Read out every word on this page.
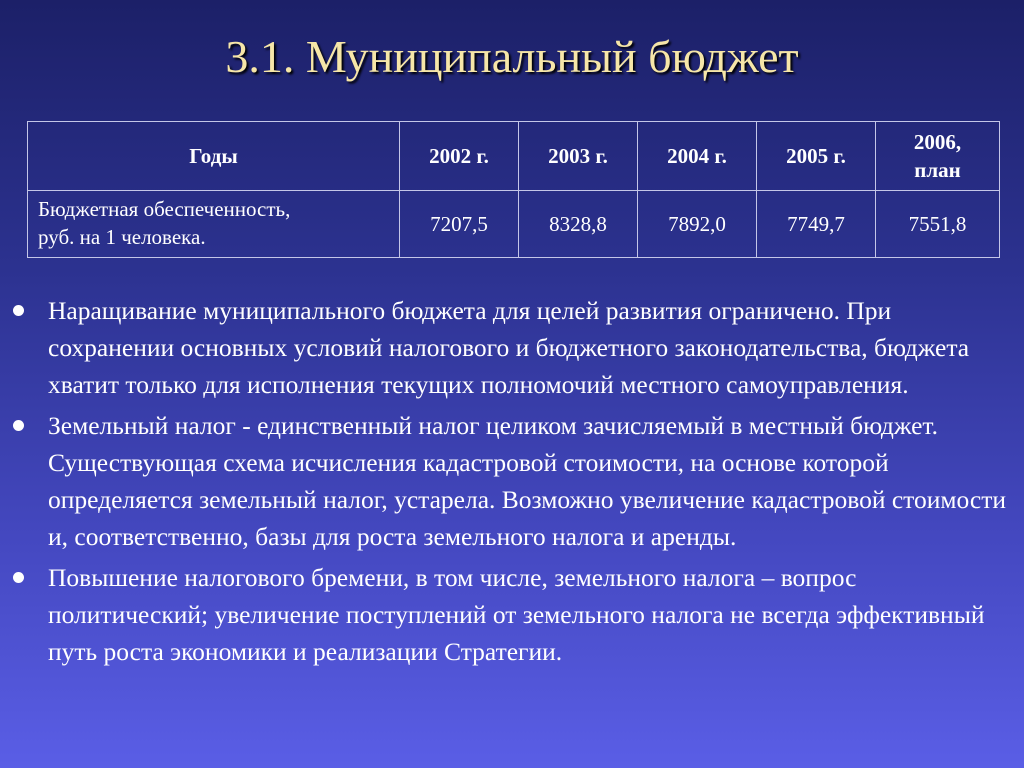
3.1. Муниципальный бюджет
Годы	2002 г.	2003 г.	2004 г.	2005 г.	2006,
план

Бюджетная обеспеченность,
руб. на 1 человека.	7207,5	8328,8	7892,0	7749,7	7551,8
Наращивание муниципального бюджета для целей развития ограничено. При сохранении основных условий налогового и бюджетного законодательства, бюджета хватит только для исполнения текущих полномочий местного самоуправления.
Земельный налог - единственный налог целиком зачисляемый в местный бюджет. Существующая схема исчисления кадастровой стоимости, на основе которой определяется земельный налог, устарела. Возможно увеличение кадастровой стоимости и, соответственно, базы для роста земельного налога и аренды.
Повышение налогового бремени, в том числе, земельного налога – вопрос политический; увеличение поступлений от земельного налога не всегда эффективный путь роста экономики и реализации Стратегии.
